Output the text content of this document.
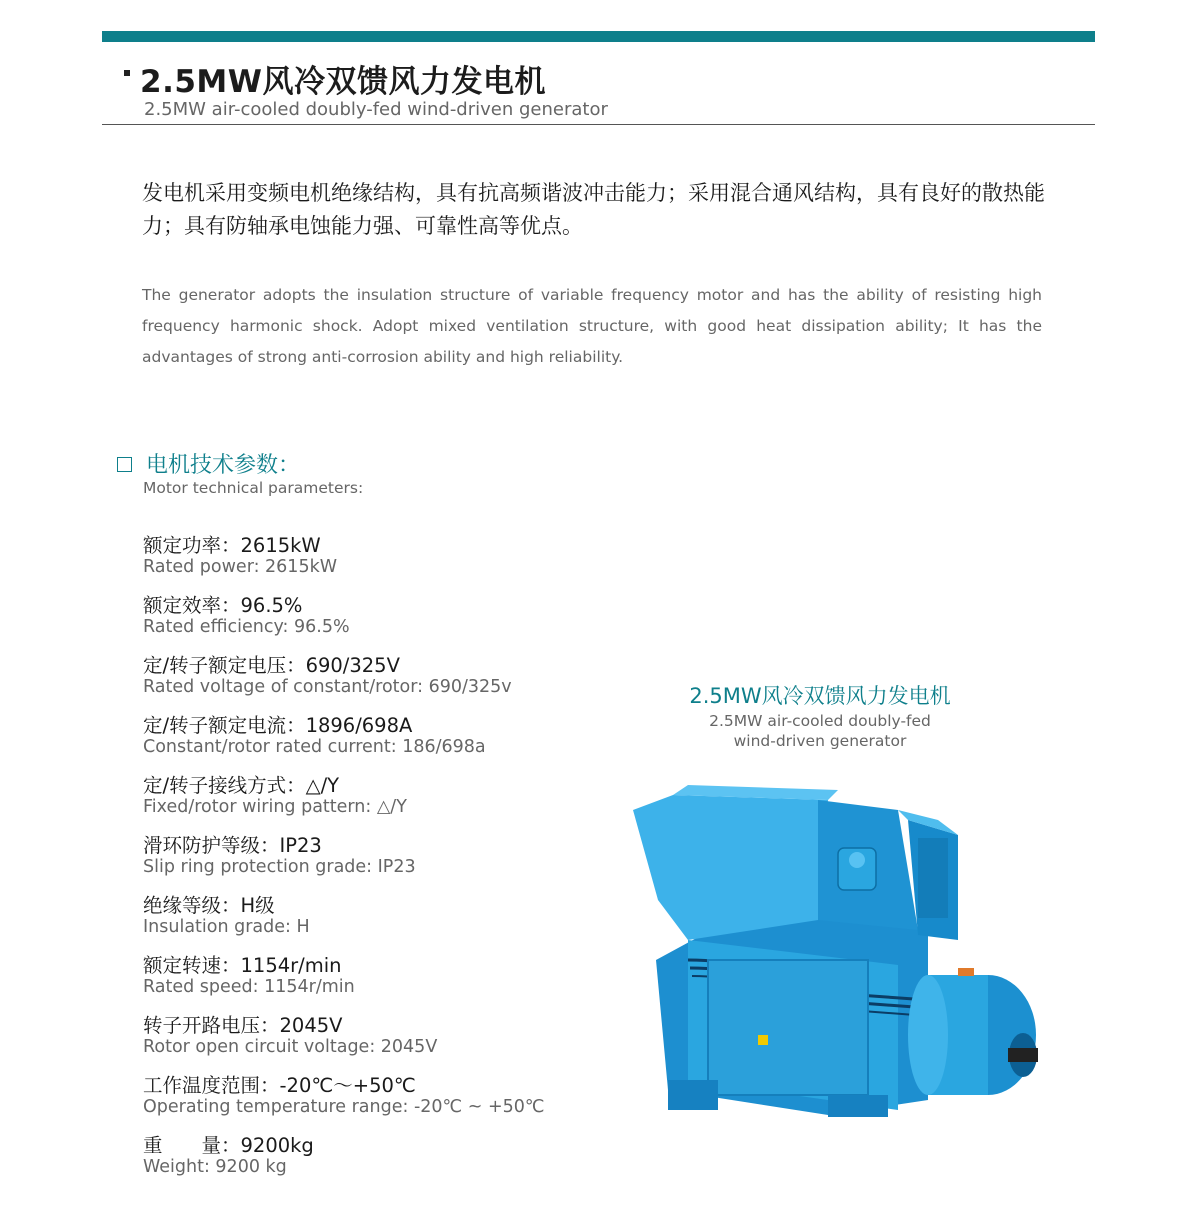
2.5MW风冷双馈风力发电机
2.5MW air-cooled doubly-fed wind-driven generator
发电机采用变频电机绝缘结构，具有抗高频谐波冲击能力；采用混合通风结构，具有良好的散热能力；具有防轴承电蚀能力强、可靠性高等优点。
The generator adopts the insulation structure of variable frequency motor and has the ability of resisting high frequency harmonic shock. Adopt mixed ventilation structure, with good heat dissipation ability; It has the advantages of strong anti-corrosion ability and high reliability.
电机技术参数：
Motor technical parameters:
额定功率：2615kW
Rated power: 2615kW
额定效率：96.5%
Rated efficiency: 96.5%
定/转子额定电压：690/325V
Rated voltage of constant/rotor: 690/325v
定/转子额定电流：1896/698A
Constant/rotor rated current: 186/698a
定/转子接线方式：△/Y
Fixed/rotor wiring pattern: △/Y
滑环防护等级：IP23
Slip ring protection grade: IP23
绝缘等级：H级
Insulation grade: H
额定转速：1154r/min
Rated speed: 1154r/min
转子开路电压：2045V
Rotor open circuit voltage: 2045V
工作温度范围：-20℃～+50℃
Operating temperature range: -20℃ ~ +50℃
重　　量：9200kg
Weight: 9200 kg
2.5MW风冷双馈风力发电机
2.5MW air-cooled doubly-fed
wind-driven generator
